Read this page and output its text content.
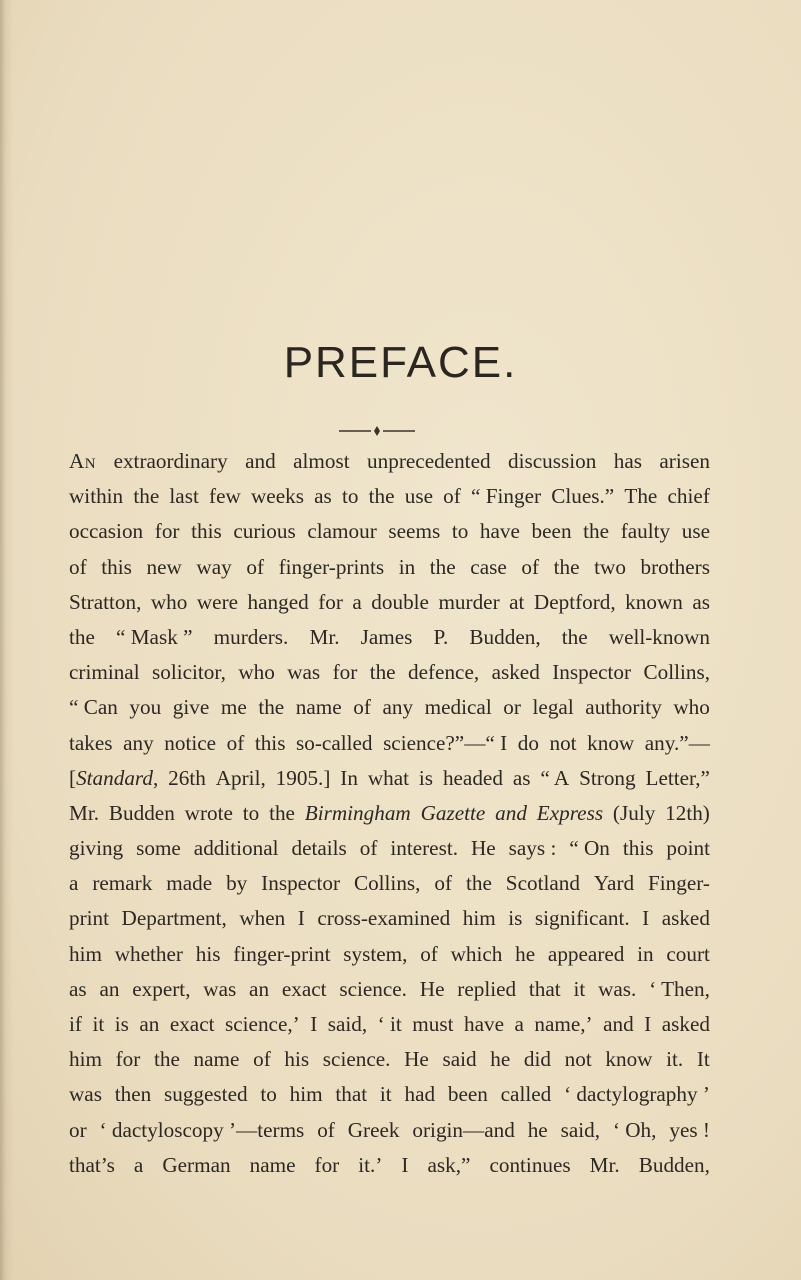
PREFACE.
An extraordinary and almost unprecedented discussion has arisen
within the last few weeks as to the use of “ Finger Clues.” The chief
occasion for this curious clamour seems to have been the faulty use
of this new way of finger-prints in the case of the two brothers
Stratton, who were hanged for a double murder at Deptford, known as
the “ Mask ” murders. Mr. James P. Budden, the well-known
criminal solicitor, who was for the defence, asked Inspector Collins,
“ Can you give me the name of any medical or legal authority who
takes any notice of this so-called science?”—“ I do not know any.”—
[Standard, 26th April, 1905.] In what is headed as “ A Strong Letter,”
Mr. Budden wrote to the Birmingham Gazette and Express (July 12th)
giving some additional details of interest. He says : “ On this point
a remark made by Inspector Collins, of the Scotland Yard Finger-
print Department, when I cross-examined him is significant. I asked
him whether his finger-print system, of which he appeared in court
as an expert, was an exact science. He replied that it was. ‘ Then,
if it is an exact science,’ I said, ‘ it must have a name,’ and I asked
him for the name of his science. He said he did not know it. It
was then suggested to him that it had been called ‘ dactylography ’
or ‘ dactyloscopy ’—terms of Greek origin—and he said, ‘ Oh, yes !
that’s a German name for it.’ I ask,” continues Mr. Budden,
